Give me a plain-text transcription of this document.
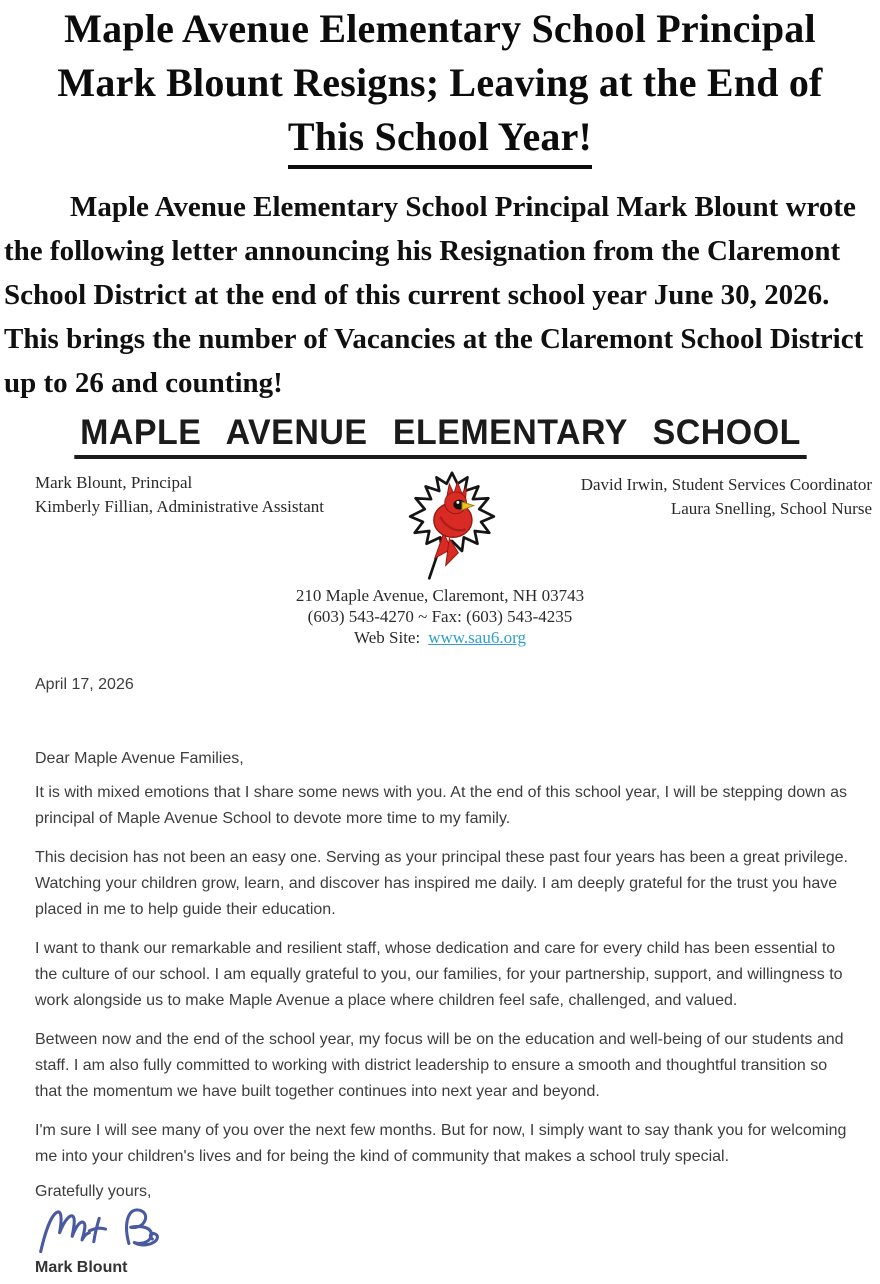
Maple Avenue Elementary School Principal
Mark Blount Resigns; Leaving at the End of
This School Year!

Maple Avenue Elementary School Principal Mark Blount wrote the following letter announcing his Resignation from the Claremont School District at the end of this current school year June 30, 2026.  This brings the number of Vacancies at the Claremont School District up to 26 and counting!

MAPLE AVENUE ELEMENTARY SCHOOL
Mark Blount, Principal
Kimberly Fillian, Administrative Assistant
David Irwin, Student Services Coordinator
Laura Snelling, School Nurse
210 Maple Avenue, Claremont, NH 03743
(603) 543-4270 ~ Fax: (603) 543-4235
Web Site: www.sau6.org
April 17, 2026
Dear Maple Avenue Families,

It is with mixed emotions that I share some news with you. At the end of this school year, I will be stepping down as principal of Maple Avenue School to devote more time to my family.

This decision has not been an easy one. Serving as your principal these past four years has been a great privilege. Watching your children grow, learn, and discover has inspired me daily. I am deeply grateful for the trust you have placed in me to help guide their education.

I want to thank our remarkable and resilient staff, whose dedication and care for every child has been essential to the culture of our school. I am equally grateful to you, our families, for your partnership, support, and willingness to work alongside us to make Maple Avenue a place where children feel safe, challenged, and valued.

Between now and the end of the school year, my focus will be on the education and well-being of our students and staff. I am also fully committed to working with district leadership to ensure a smooth and thoughtful transition so that the momentum we have built together continues into next year and beyond.

I'm sure I will see many of you over the next few months. But for now, I simply want to say thank you for welcoming me into your children's lives and for being the kind of community that makes a school truly special.

Gratefully yours,
Mark Blount
